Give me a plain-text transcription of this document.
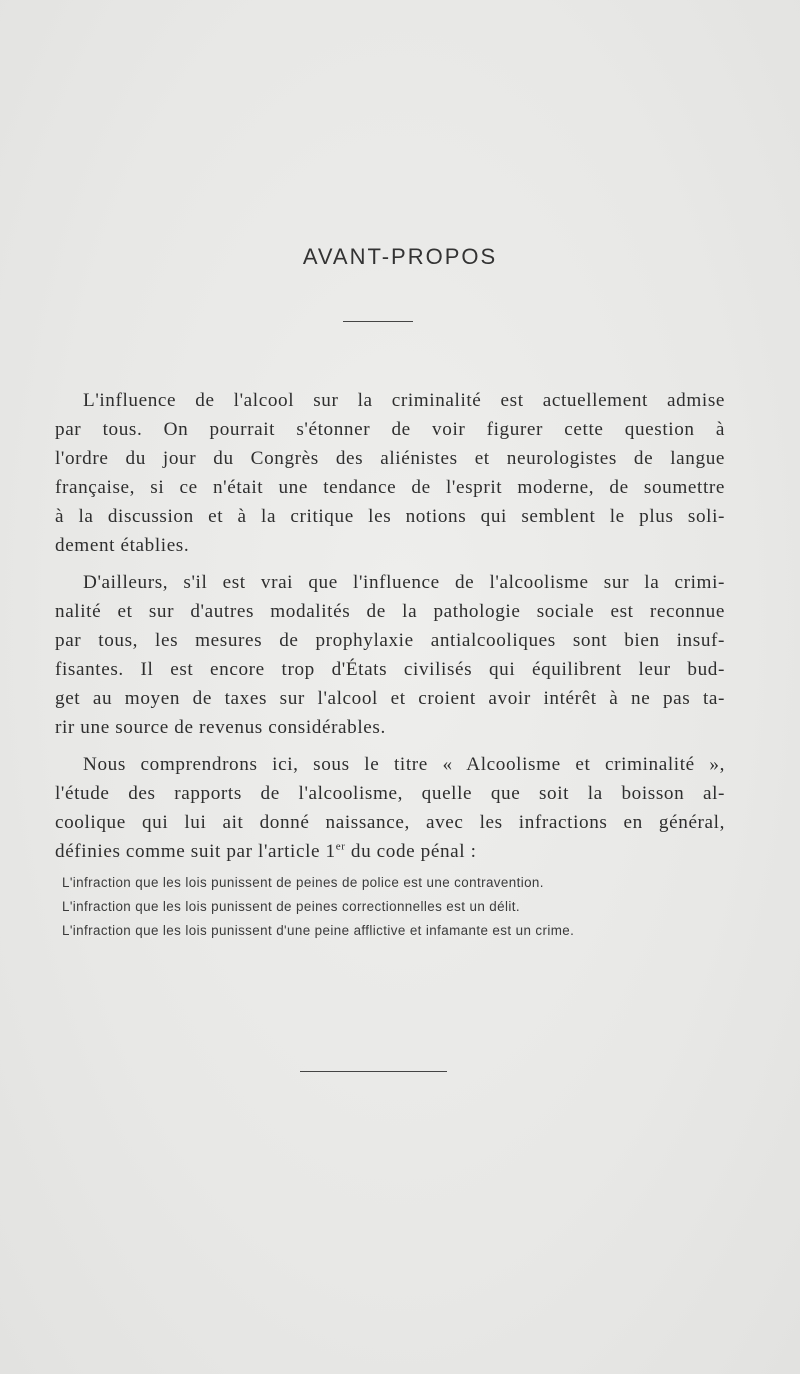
AVANT-PROPOS
L'influence de l'alcool sur la criminalité est actuellement admise
par tous. On pourrait s'étonner de voir figurer cette question à
l'ordre du jour du Congrès des aliénistes et neurologistes de langue
française, si ce n'était une tendance de l'esprit moderne, de soumettre
à la discussion et à la critique les notions qui semblent le plus soli-
dement établies.
D'ailleurs, s'il est vrai que l'influence de l'alcoolisme sur la crimi-
nalité et sur d'autres modalités de la pathologie sociale est reconnue
par tous, les mesures de prophylaxie antialcooliques sont bien insuf-
fisantes. Il est encore trop d'États civilisés qui équilibrent leur bud-
get au moyen de taxes sur l'alcool et croient avoir intérêt à ne pas ta-
rir une source de revenus considérables.
Nous comprendrons ici, sous le titre « Alcoolisme et criminalité »,
l'étude des rapports de l'alcoolisme, quelle que soit la boisson al-
coolique qui lui ait donné naissance, avec les infractions en général,
définies comme suit par l'article 1er du code pénal :
L'infraction que les lois punissent de peines de police est une contravention.
L'infraction que les lois punissent de peines correctionnelles est un délit.
L'infraction que les lois punissent d'une peine afflictive et infamante est un crime.
